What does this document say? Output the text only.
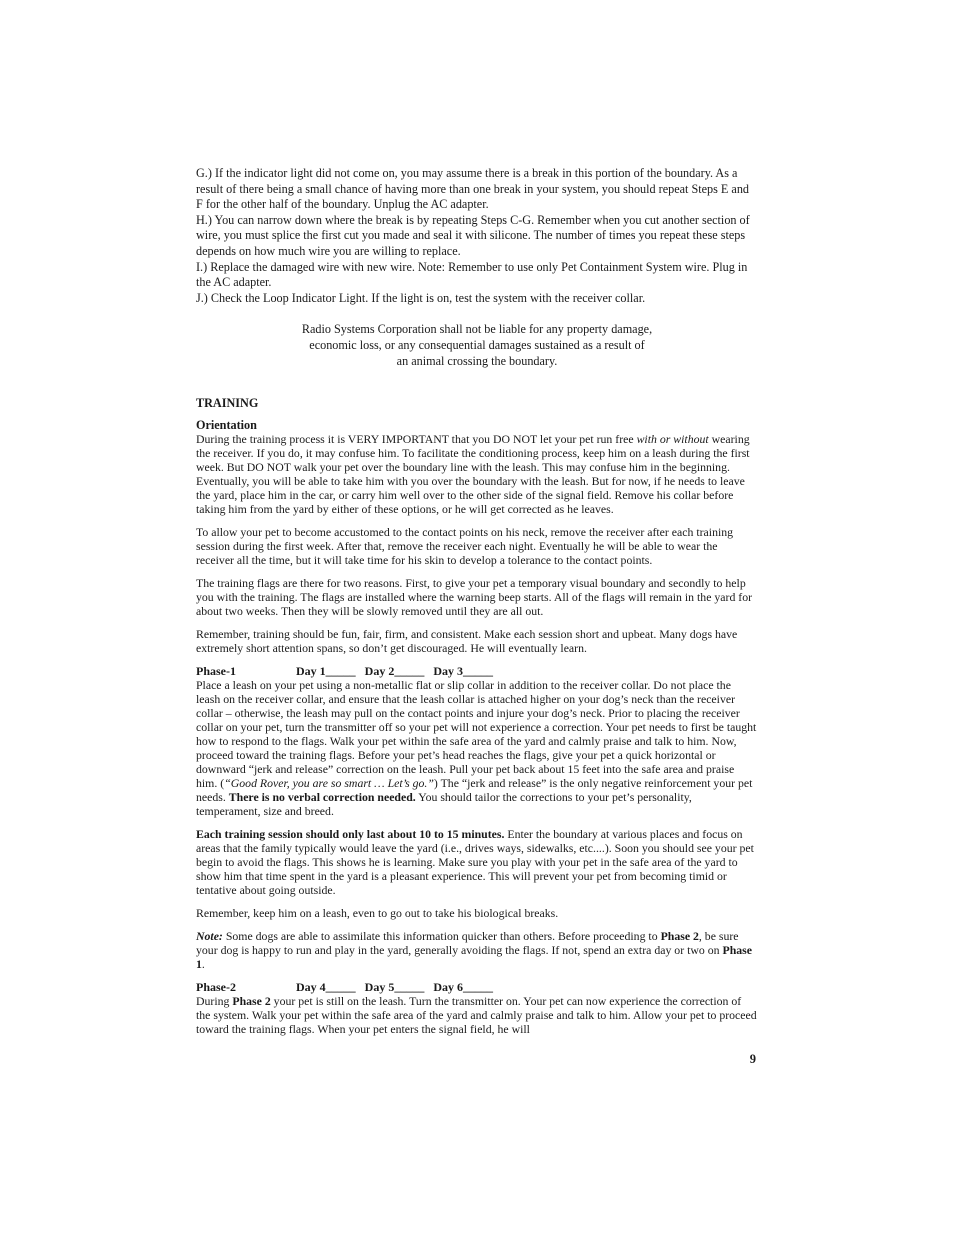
G.) If the indicator light did not come on, you may assume there is a break in this portion of the boundary. As a result of there being a small chance of having more than one break in your system, you should repeat Steps E and F for the other half of the boundary. Unplug the AC adapter.

H.) You can narrow down where the break is by repeating Steps C-G. Remember when you cut another section of wire, you must splice the first cut you made and seal it with silicone. The number of times you repeat these steps depends on how much wire you are willing to replace.

I.) Replace the damaged wire with new wire. Note: Remember to use only Pet Containment System wire. Plug in the AC adapter.

J.) Check the Loop Indicator Light. If the light is on, test the system with the receiver collar.

Radio Systems Corporation shall not be liable for any property damage,
economic loss, or any consequential damages sustained as a result of
an animal crossing the boundary.
TRAINING
Orientation

During the training process it is VERY IMPORTANT that you DO NOT let your pet run free with or without wearing the receiver. If you do, it may confuse him. To facilitate the conditioning process, keep him on a leash during the first week. But DO NOT walk your pet over the boundary line with the leash. This may confuse him in the beginning. Eventually, you will be able to take him with you over the boundary with the leash. But for now, if he needs to leave the yard, place him in the car, or carry him well over to the other side of the signal field. Remove his collar before taking him from the yard by either of these options, or he will get corrected as he leaves.

To allow your pet to become accustomed to the contact points on his neck, remove the receiver after each training session during the first week. After that, remove the receiver each night. Eventually he will be able to wear the receiver all the time, but it will take time for his skin to develop a tolerance to the contact points.

The training flags are there for two reasons. First, to give your pet a temporary visual boundary and secondly to help you with the training. The flags are installed where the warning beep starts. All of the flags will remain in the yard for about two weeks. Then they will be slowly removed until they are all out.

Remember, training should be fun, fair, firm, and consistent. Make each session short and upbeat. Many dogs have extremely short attention spans, so don’t get discouraged. He will eventually learn.

Phase-1	Day 1_____ Day 2_____ Day 3_____

Place a leash on your pet using a non-metallic flat or slip collar in addition to the receiver collar. Do not place the leash on the receiver collar, and ensure that the leash collar is attached higher on your dog’s neck than the receiver collar – otherwise, the leash may pull on the contact points and injure your dog’s neck. Prior to placing the receiver collar on your pet, turn the transmitter off so your pet will not experience a correction. Your pet needs to first be taught how to respond to the flags. Walk your pet within the safe area of the yard and calmly praise and talk to him. Now, proceed toward the training flags. Before your pet’s head reaches the flags, give your pet a quick horizontal or downward “jerk and release” correction on the leash. Pull your pet back about 15 feet into the safe area and praise him. (“Good Rover, you are so smart … Let’s go.”) The “jerk and release” is the only negative reinforcement your pet needs. There is no verbal correction needed. You should tailor the corrections to your pet’s personality, temperament, size and breed.

Each training session should only last about 10 to 15 minutes. Enter the boundary at various places and focus on areas that the family typically would leave the yard (i.e., drives ways, sidewalks, etc....). Soon you should see your pet begin to avoid the flags. This shows he is learning. Make sure you play with your pet in the safe area of the yard to show him that time spent in the yard is a pleasant experience. This will prevent your pet from becoming timid or tentative about going outside.

Remember, keep him on a leash, even to go out to take his biological breaks.

Note: Some dogs are able to assimilate this information quicker than others. Before proceeding to Phase 2, be sure your dog is happy to run and play in the yard, generally avoiding the flags. If not, spend an extra day or two on Phase 1.

Phase-2	Day 4_____ Day 5_____ Day 6_____

During Phase 2 your pet is still on the leash. Turn the transmitter on. Your pet can now experience the correction of the system. Walk your pet within the safe area of the yard and calmly praise and talk to him. Allow your pet to proceed toward the training flags. When your pet enters the signal field, he will

9
